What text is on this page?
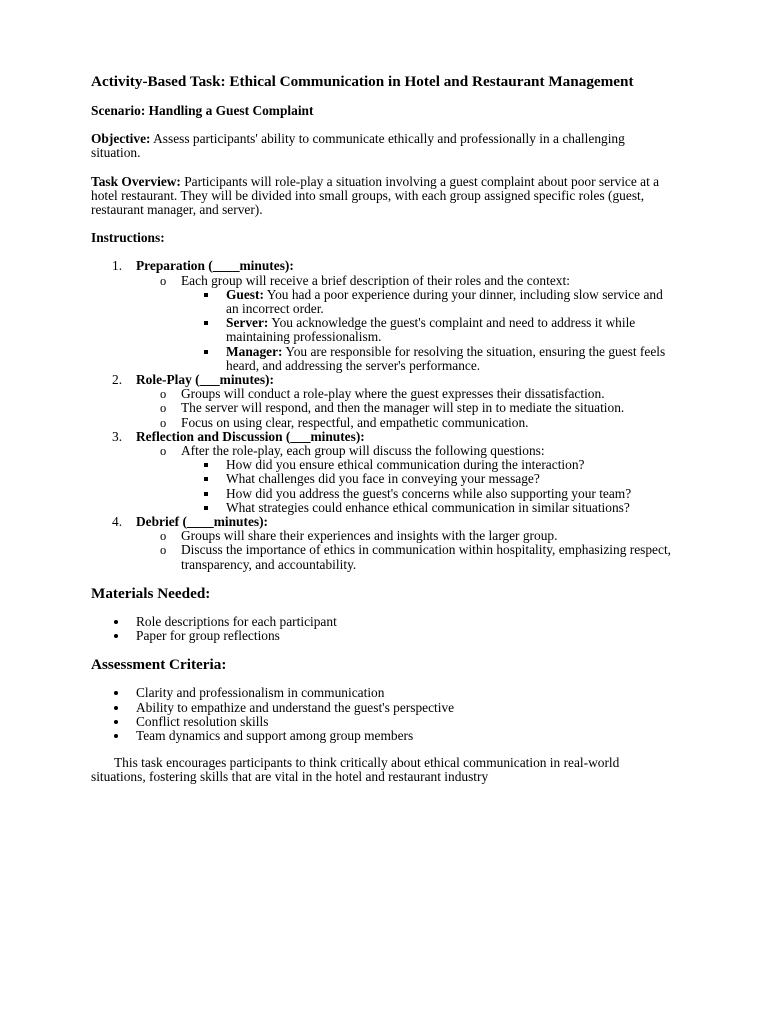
Activity-Based Task: Ethical Communication in Hotel and Restaurant Management

Scenario: Handling a Guest Complaint

Objective: Assess participants' ability to communicate ethically and professionally in a challenging situation.

Task Overview: Participants will role-play a situation involving a guest complaint about poor service at a hotel restaurant. They will be divided into small groups, with each group assigned specific roles (guest, restaurant manager, and server).

Instructions:

1. Preparation (____minutes):
o Each group will receive a brief description of their roles and the context:
Guest: You had a poor experience during your dinner, including slow service and an incorrect order.
Server: You acknowledge the guest's complaint and need to address it while maintaining professionalism.
Manager: You are responsible for resolving the situation, ensuring the guest feels heard, and addressing the server's performance.
2. Role-Play (___minutes):
o Groups will conduct a role-play where the guest expresses their dissatisfaction.
o The server will respond, and then the manager will step in to mediate the situation.
o Focus on using clear, respectful, and empathetic communication.
3. Reflection and Discussion (___minutes):
o After the role-play, each group will discuss the following questions:
How did you ensure ethical communication during the interaction?
What challenges did you face in conveying your message?
How did you address the guest's concerns while also supporting your team?
What strategies could enhance ethical communication in similar situations?
4. Debrief (____minutes):
o Groups will share their experiences and insights with the larger group.
o Discuss the importance of ethics in communication within hospitality, emphasizing respect, transparency, and accountability.
Materials Needed:
Role descriptions for each participant
Paper for group reflections
Assessment Criteria:
Clarity and professionalism in communication
Ability to empathize and understand the guest's perspective
Conflict resolution skills
Team dynamics and support among group members

This task encourages participants to think critically about ethical communication in real-world situations, fostering skills that are vital in the hotel and restaurant industry
